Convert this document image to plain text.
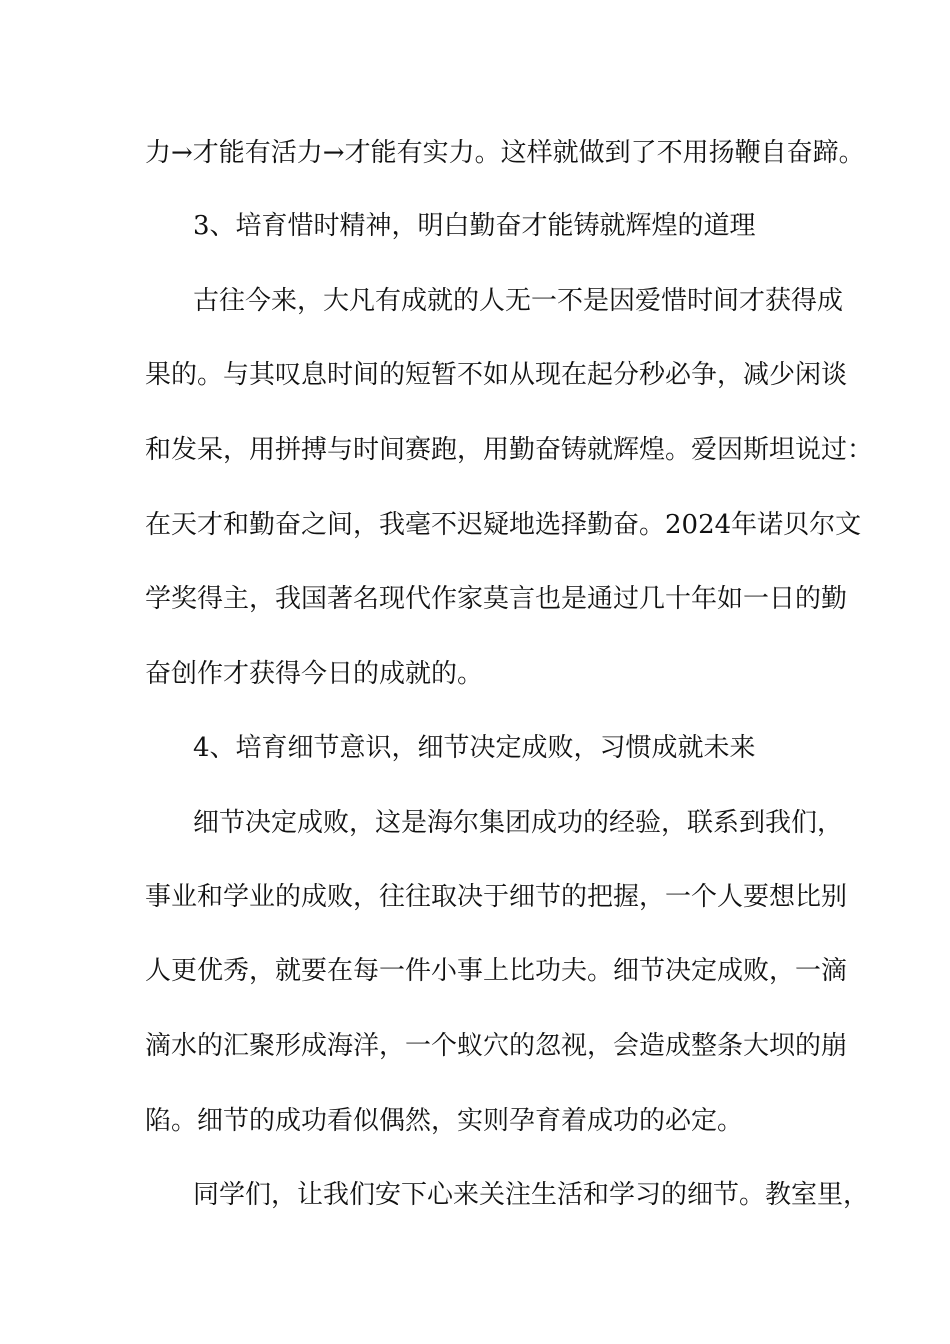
力→才能有活力→才能有实力。这样就做到了不用扬鞭自奋蹄。
3、培育惜时精神，明白勤奋才能铸就辉煌的道理
古往今来，大凡有成就的人无一不是因爱惜时间才获得成
果的。与其叹息时间的短暂不如从现在起分秒必争，减少闲谈
和发呆，用拼搏与时间赛跑，用勤奋铸就辉煌。爱因斯坦说过：
在天才和勤奋之间，我毫不迟疑地选择勤奋。2024年诺贝尔文
学奖得主，我国著名现代作家莫言也是通过几十年如一日的勤
奋创作才获得今日的成就的。
4、培育细节意识，细节决定成败，习惯成就未来
细节决定成败，这是海尔集团成功的经验，联系到我们，
事业和学业的成败，往往取决于细节的把握，一个人要想比别
人更优秀，就要在每一件小事上比功夫。细节决定成败，一滴
滴水的汇聚形成海洋，一个蚁穴的忽视，会造成整条大坝的崩
陷。细节的成功看似偶然，实则孕育着成功的必定。
同学们，让我们安下心来关注生活和学习的细节。教室里，
